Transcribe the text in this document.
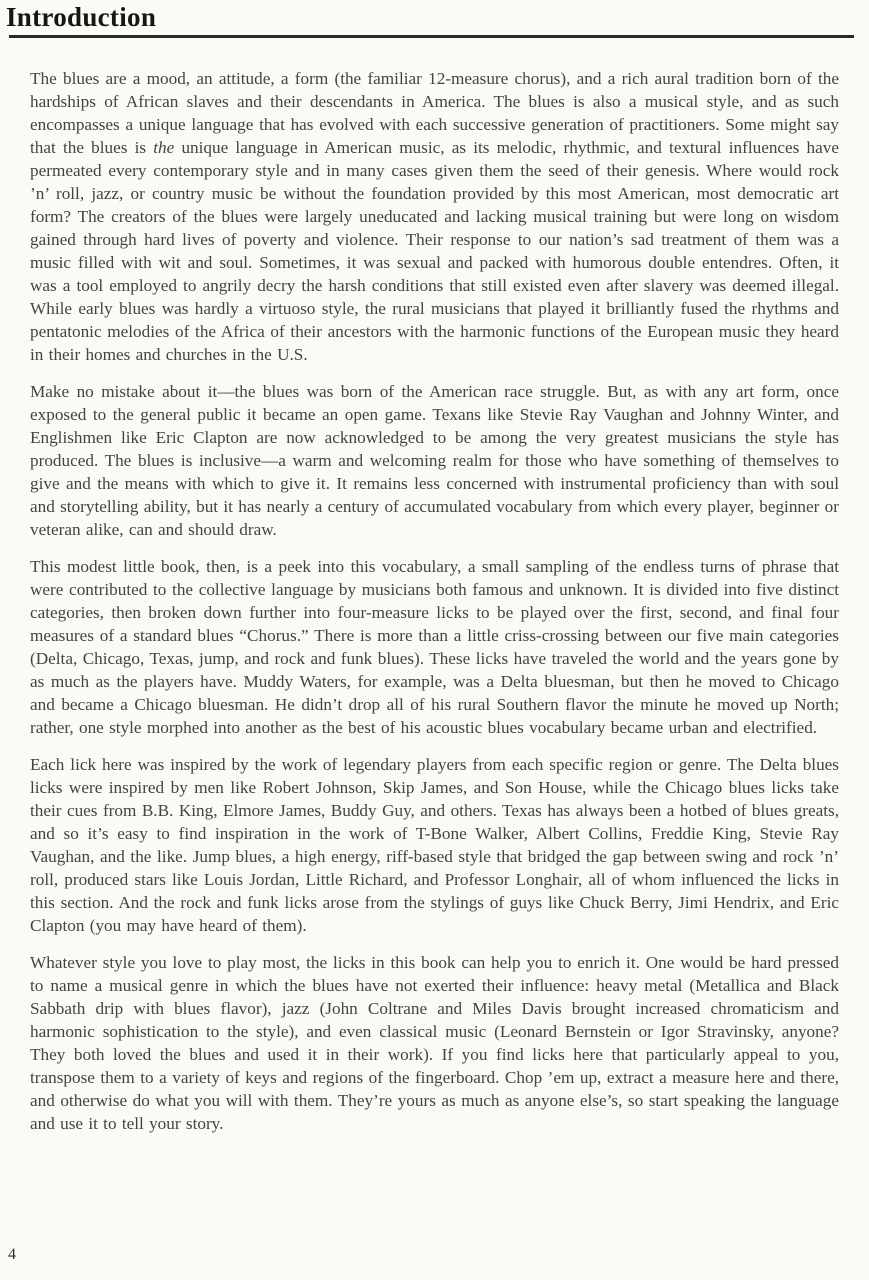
Introduction

The blues are a mood, an attitude, a form (the familiar 12-measure chorus), and a rich aural tradition born of the hardships of African slaves and their descendants in America. The blues is also a musical style, and as such encompasses a unique language that has evolved with each successive generation of practitioners. Some might say that the blues is the unique language in American music, as its melodic, rhythmic, and textural influences have permeated every contemporary style and in many cases given them the seed of their genesis. Where would rock ’n’ roll, jazz, or country music be without the foundation provided by this most American, most democratic art form? The creators of the blues were largely uneducated and lacking musical training but were long on wisdom gained through hard lives of poverty and violence. Their response to our nation’s sad treatment of them was a music filled with wit and soul. Sometimes, it was sexual and packed with humorous double entendres. Often, it was a tool employed to angrily decry the harsh conditions that still existed even after slavery was deemed illegal. While early blues was hardly a virtuoso style, the rural musicians that played it brilliantly fused the rhythms and pentatonic melodies of the Africa of their ancestors with the harmonic functions of the European music they heard in their homes and churches in the U.S.

Make no mistake about it—the blues was born of the American race struggle. But, as with any art form, once exposed to the general public it became an open game. Texans like Stevie Ray Vaughan and Johnny Winter, and Englishmen like Eric Clapton are now acknowledged to be among the very greatest musicians the style has produced. The blues is inclusive—a warm and welcoming realm for those who have something of themselves to give and the means with which to give it. It remains less concerned with instrumental proficiency than with soul and storytelling ability, but it has nearly a century of accumulated vocabulary from which every player, beginner or veteran alike, can and should draw.

This modest little book, then, is a peek into this vocabulary, a small sampling of the endless turns of phrase that were contributed to the collective language by musicians both famous and unknown. It is divided into five distinct categories, then broken down further into four-measure licks to be played over the first, second, and final four measures of a standard blues “Chorus.” There is more than a little criss-crossing between our five main categories (Delta, Chicago, Texas, jump, and rock and funk blues). These licks have traveled the world and the years gone by as much as the players have. Muddy Waters, for example, was a Delta bluesman, but then he moved to Chicago and became a Chicago bluesman. He didn’t drop all of his rural Southern flavor the minute he moved up North; rather, one style morphed into another as the best of his acoustic blues vocabulary became urban and electrified.

Each lick here was inspired by the work of legendary players from each specific region or genre. The Delta blues licks were inspired by men like Robert Johnson, Skip James, and Son House, while the Chicago blues licks take their cues from B.B. King, Elmore James, Buddy Guy, and others. Texas has always been a hotbed of blues greats, and so it’s easy to find inspiration in the work of T-Bone Walker, Albert Collins, Freddie King, Stevie Ray Vaughan, and the like. Jump blues, a high energy, riff-based style that bridged the gap between swing and rock ’n’ roll, produced stars like Louis Jordan, Little Richard, and Professor Longhair, all of whom influenced the licks in this section. And the rock and funk licks arose from the stylings of guys like Chuck Berry, Jimi Hendrix, and Eric Clapton (you may have heard of them).

Whatever style you love to play most, the licks in this book can help you to enrich it. One would be hard pressed to name a musical genre in which the blues have not exerted their influence: heavy metal (Metallica and Black Sabbath drip with blues flavor), jazz (John Coltrane and Miles Davis brought increased chromaticism and harmonic sophistication to the style), and even classical music (Leonard Bernstein or Igor Stravinsky, anyone? They both loved the blues and used it in their work). If you find licks here that particularly appeal to you, transpose them to a variety of keys and regions of the fingerboard. Chop ’em up, extract a measure here and there, and otherwise do what you will with them. They’re yours as much as anyone else’s, so start speaking the language and use it to tell your story.

4
